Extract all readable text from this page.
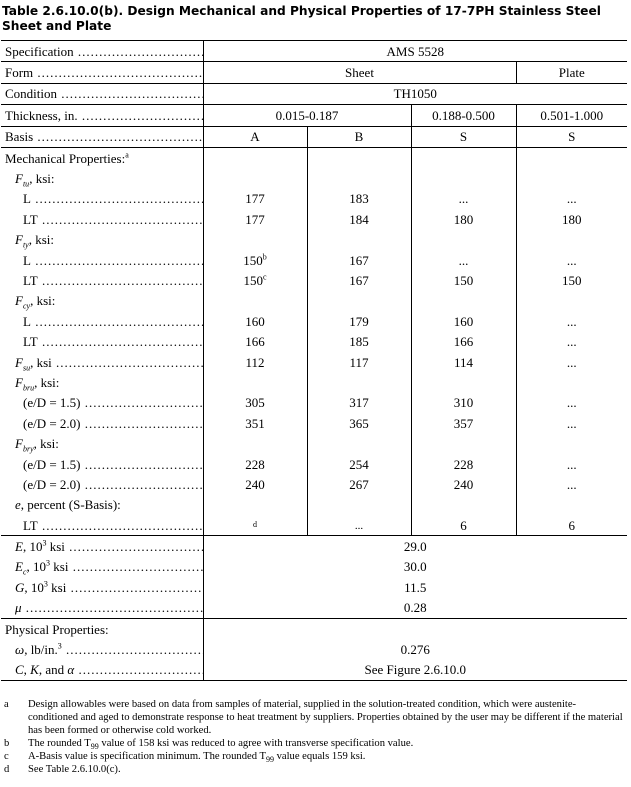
Table 2.6.10.0(b). Design Mechanical and Physical Properties of 17-7PH Stainless Steel Sheet and Plate
Specification .....	AMS 5528			
Form .....	Sheet			Plate
Condition .....	TH1050			
Thickness, in. .....	0.015-0.187		0.188-0.500	0.501-1.000
Basis .....	A	B	S	S
Mechanical Properties:$^a$				
$F_{tu}$, ksi:				
L .....	177	183	...	...
LT .....	177	184	180	180
$F_{ty}$, ksi:				
L .....	150$^b$	167	...	...
LT .....	150$^c$	167	150	150
$F_{cy}$, ksi:				
L .....	160	179	160	...
LT .....	166	185	166	...
$F_{su}$, ksi .....	112	117	114	...
$F_{bru}$, ksi:				
(e/D = 1.5) .....	305	317	310	...
(e/D = 2.0) .....	351	365	357	...
$F_{bry}$, ksi:				
(e/D = 1.5) .....	228	254	228	...
(e/D = 2.0) .....	240	267	240	...
e, percent (S-Basis):				
LT .....	d	...	6	6
E, $10^3$ ksi .....	29.0			
$E_c$, $10^3$ ksi .....	30.0			
G, $10^3$ ksi .....	11.5			
μ .....	0.28			
Physical Properties:				
ω, lb/in.$^3$ .....	0.276			
C, K, and α .....	See Figure 2.6.10.0			
a	Design allowables were based on data from samples of material, supplied in the solution-treated condition, which were austenite-conditioned and aged to demonstrate response to heat treatment by suppliers. Properties obtained by the user may be different if the material has been formed or otherwise cold worked.
b	The rounded $T_{99}$ value of 158 ksi was reduced to agree with transverse specification value.
c	A-Basis value is specification minimum. The rounded $T_{99}$ value equals 159 ksi.
d	See Table 2.6.10.0(c).
